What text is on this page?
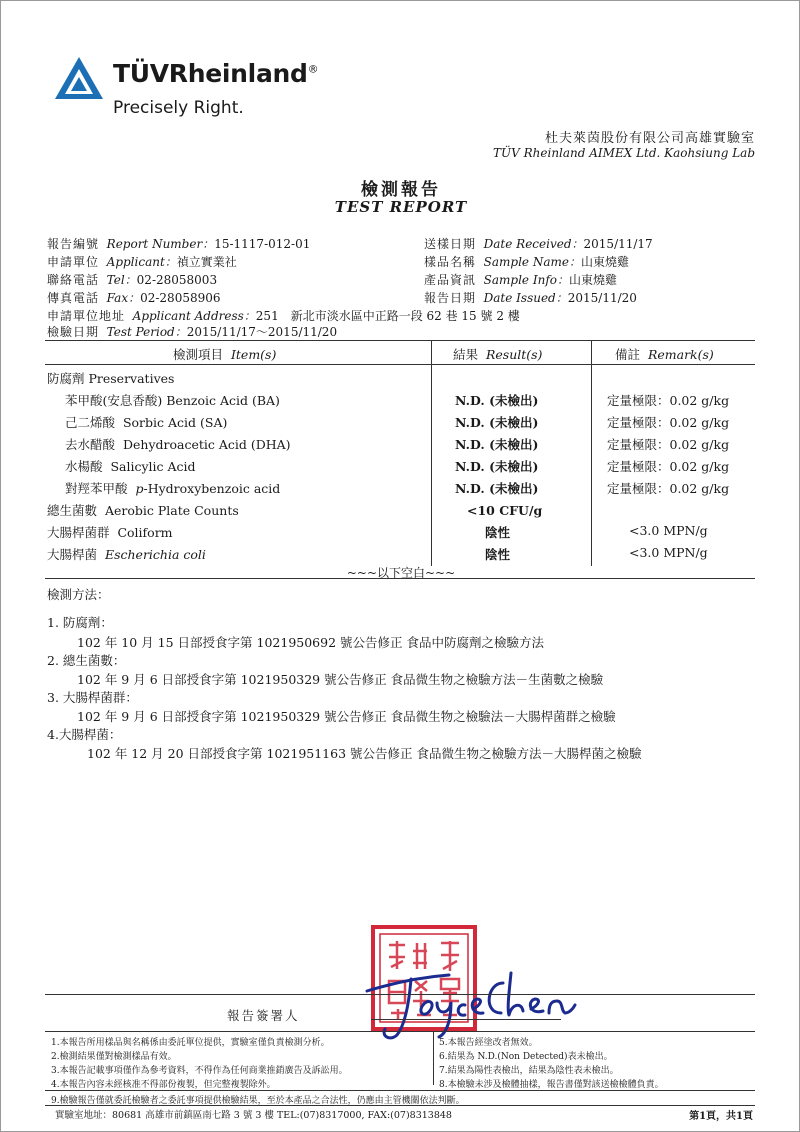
TÜVRheinland®
Precisely Right.
杜夫萊茵股份有限公司高雄實驗室
TÜV Rheinland AIMEX Ltd. Kaohsiung Lab
檢測報告
TEST REPORT
報告編號 Report Number：15-1117-012-01	送樣日期 Date Received：2015/11/17
申請單位 Applicant：禎立實業社	樣品名稱 Sample Name：山東燒雞
聯絡電話 Tel：02-28058003	產品資訊 Sample Info：山東燒雞
傳真電話 Fax：02-28058906	報告日期 Date Issued：2015/11/20
申請單位地址 Applicant Address：251　新北市淡水區中正路一段 62 巷 15 號 2 樓
檢驗日期 Test Period：2015/11/17～2015/11/20
檢測項目 Item(s)	結果 Result(s)	備註 Remark(s)
防腐劑 Preservatives
苯甲酸(安息香酸) Benzoic Acid (BA)	N.D. (未檢出)	定量極限：0.02 g/kg
己二烯酸 Sorbic Acid (SA)	N.D. (未檢出)	定量極限：0.02 g/kg
去水醋酸 Dehydroacetic Acid (DHA)	N.D. (未檢出)	定量極限：0.02 g/kg
水楊酸 Salicylic Acid	N.D. (未檢出)	定量極限：0.02 g/kg
對羥苯甲酸 p-Hydroxybenzoic acid	N.D. (未檢出)	定量極限：0.02 g/kg
總生菌數 Aerobic Plate Counts	<10 CFU/g
大腸桿菌群 Coliform	陰性	<3.0 MPN/g
大腸桿菌 Escherichia coli	陰性	<3.0 MPN/g
~~~以下空白~~~
檢測方法：
1. 防腐劑：
102 年 10 月 15 日部授食字第 1021950692 號公告修正 食品中防腐劑之檢驗方法
2. 總生菌數：
102 年 9 月 6 日部授食字第 1021950329 號公告修正 食品微生物之檢驗方法－生菌數之檢驗
3. 大腸桿菌群：
102 年 9 月 6 日部授食字第 1021950329 號公告修正 食品微生物之檢驗法－大腸桿菌群之檢驗
4.大腸桿菌：
102 年 12 月 20 日部授食字第 1021951163 號公告修正 食品微生物之檢驗方法－大腸桿菌之檢驗
報告簽署人
1.本報告所用樣品與名稱係由委託單位提供，實驗室僅負責檢測分析。
2.檢測結果僅對檢測樣品有效。
3.本報告記載事項僅作為參考資料，不得作為任何商業推銷廣告及訴訟用。
4.本報告內容未經核准不得部份複製，但完整複製除外。
5.本報告經塗改者無效。
6.結果為 N.D.(Non Detected)表未檢出。
7.結果為陽性表檢出，結果為陰性表未檢出。
8.本檢驗未涉及檢體抽樣，報告書僅對該送檢檢體負責。
9.檢驗報告僅就委託檢驗者之委託事項提供檢驗結果，至於本產品之合法性，仍應由主管機關依法判斷。
實驗室地址：80681 高雄市前鎮區南七路 3 號 3 樓 TEL:(07)8317000, FAX:(07)8313848	第1頁，共1頁
